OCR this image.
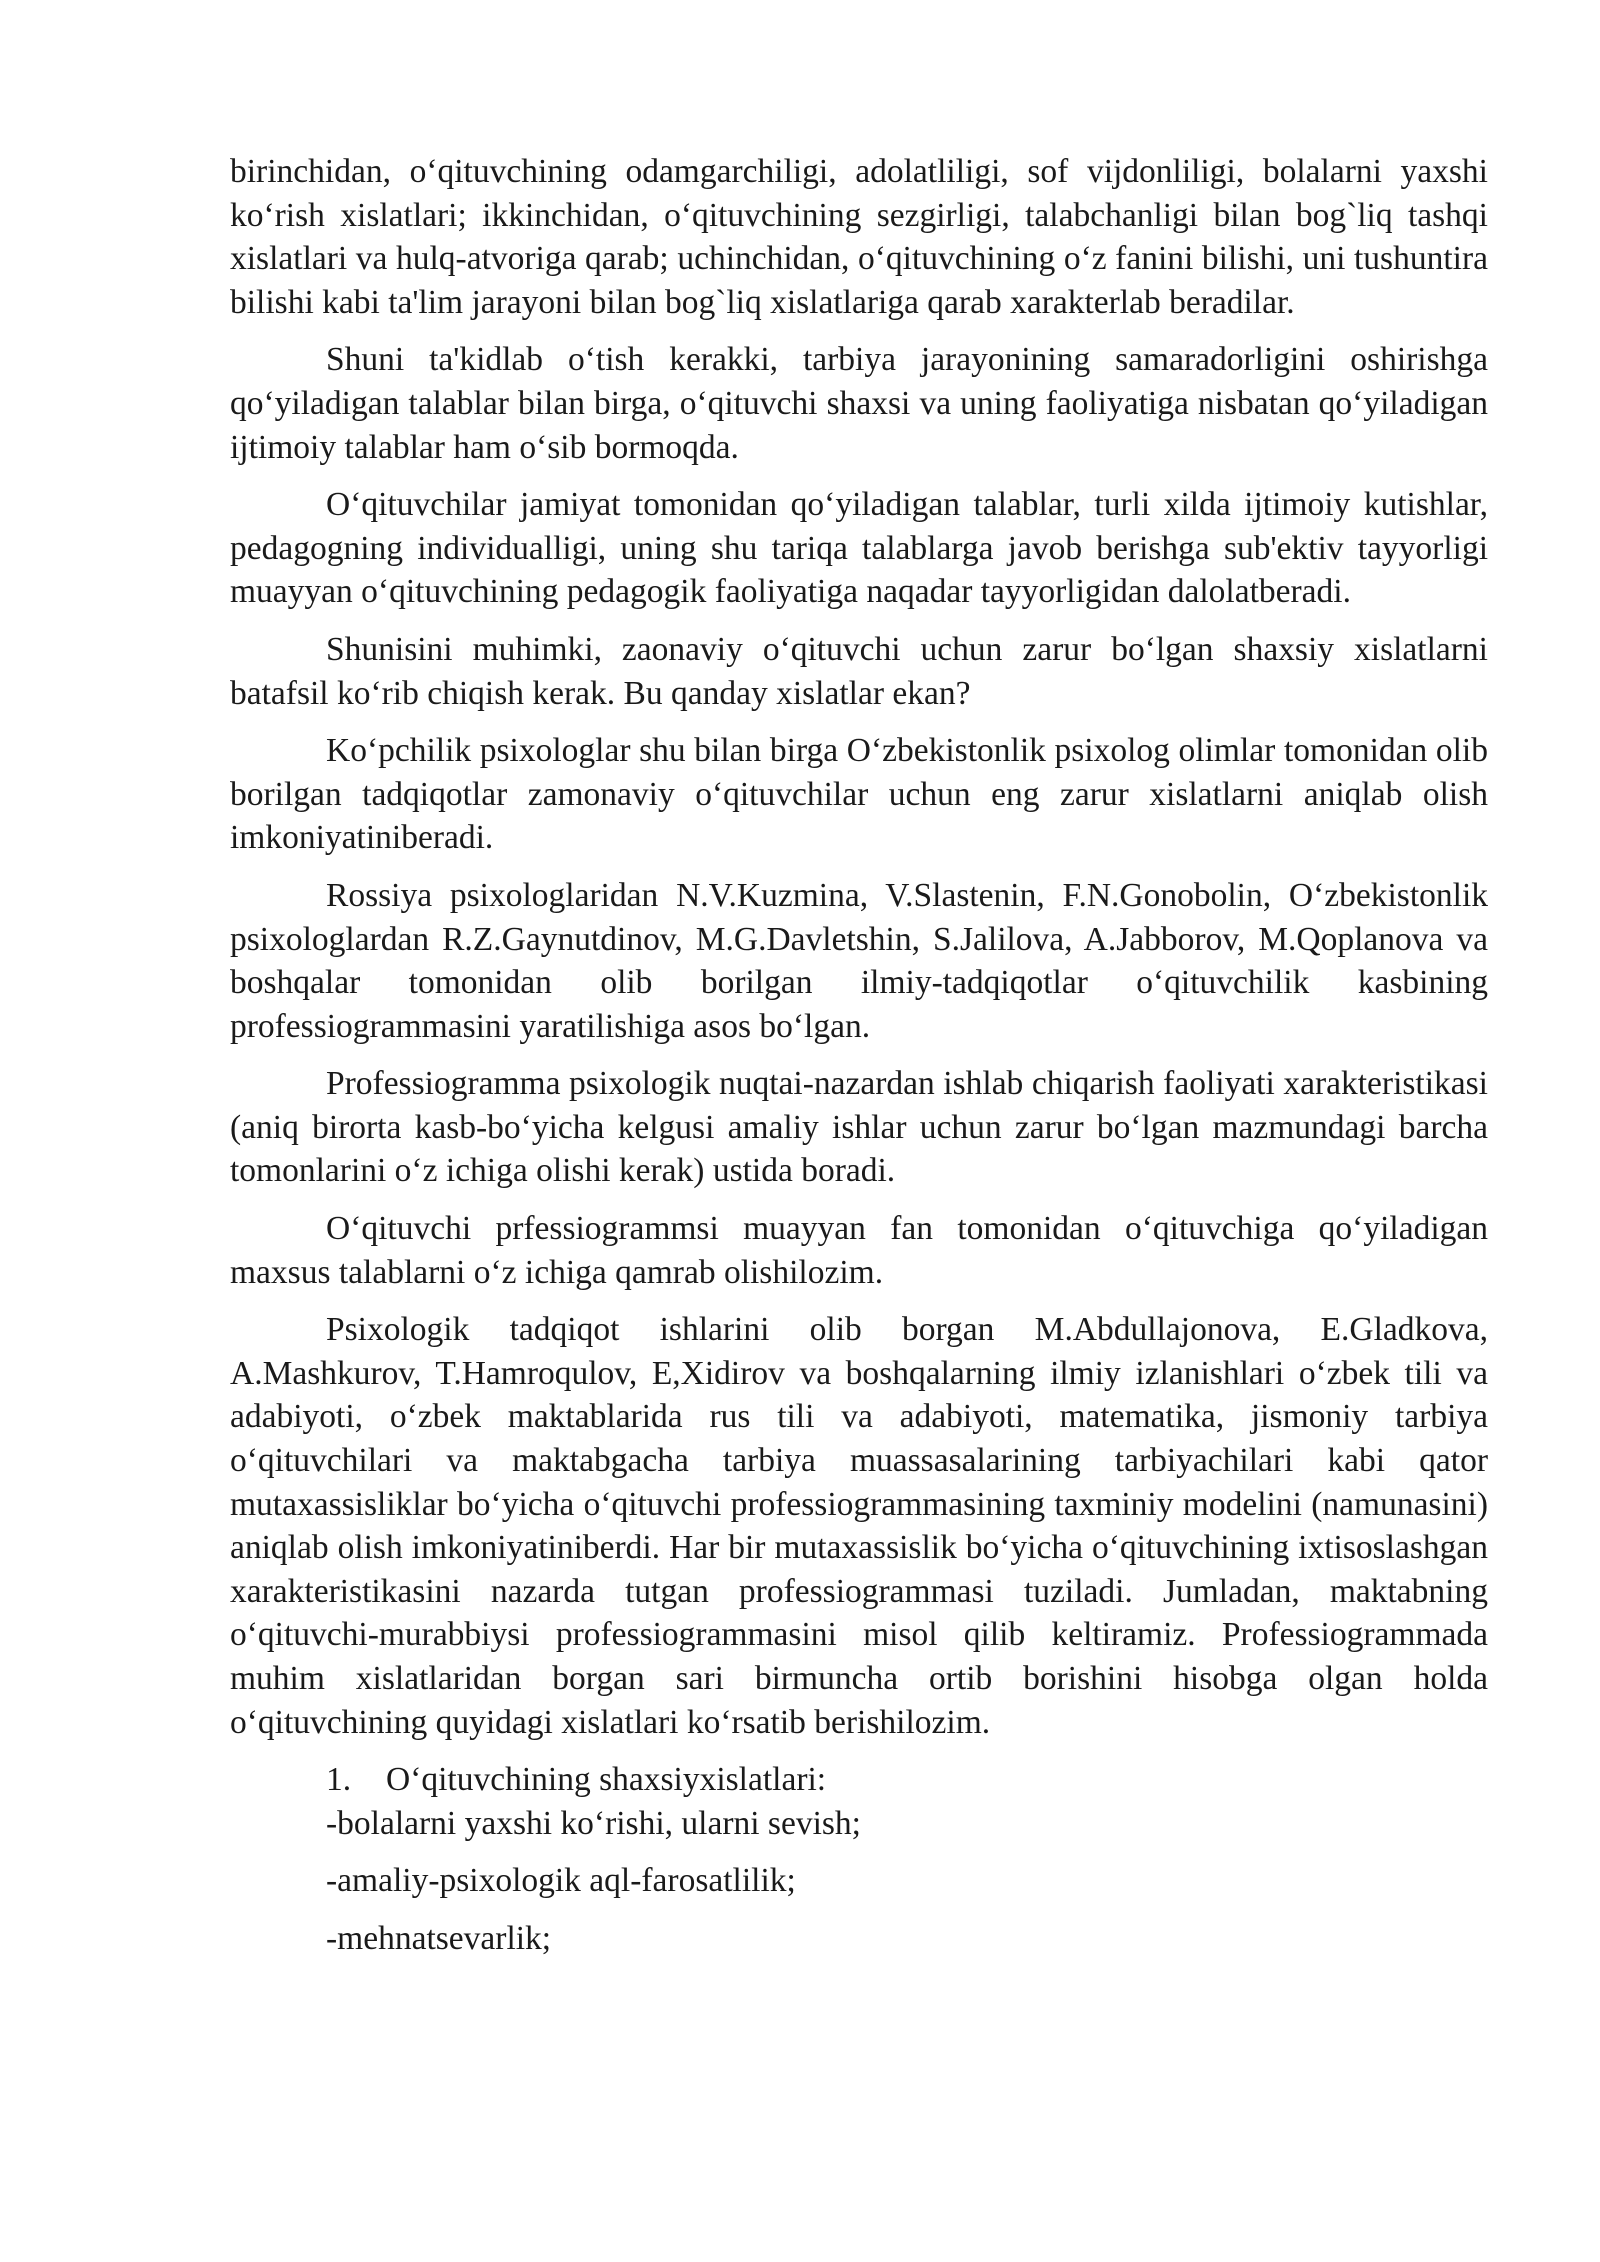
birinchidan, o‘qituvchining odamgarchiligi, adolatliligi, sof vijdonliligi, bolalarni yaxshi ko‘rish xislatlari; ikkinchidan, o‘qituvchining sezgirligi, talabchanligi bilan bog`liq tashqi xislatlari va hulq-atvoriga qarab; uchinchidan, o‘qituvchining o‘z fanini bilishi, uni tushuntira bilishi kabi ta'lim jarayoni bilan bog`liq xislatlariga qarab xarakterlab beradilar.

Shuni ta'kidlab o‘tish kerakki, tarbiya jarayonining samaradorligini oshirishga qo‘yiladigan talablar bilan birga, o‘qituvchi shaxsi va uning faoliyatiga nisbatan qo‘yiladigan ijtimoiy talablar ham o‘sib bormoqda.

O‘qituvchilar jamiyat tomonidan qo‘yiladigan talablar, turli xilda ijtimoiy kutishlar, pedagogning individualligi, uning shu tariqa talablarga javob berishga sub'ektiv tayyorligi muayyan o‘qituvchining pedagogik faoliyatiga naqadar tayyorligidan dalolatberadi.

Shunisini muhimki, zaonaviy o‘qituvchi uchun zarur bo‘lgan shaxsiy xislatlarni batafsil ko‘rib chiqish kerak. Bu qanday xislatlar ekan?

Ko‘pchilik psixologlar shu bilan birga O‘zbekistonlik psixolog olimlar tomonidan olib borilgan tadqiqotlar zamonaviy o‘qituvchilar uchun eng zarur xislatlarni aniqlab olish imkoniyatiniberadi.

Rossiya psixologlaridan N.V.Kuzmina, V.Slastenin, F.N.Gonobolin, O‘zbekistonlik psixologlardan R.Z.Gaynutdinov, M.G.Davletshin, S.Jalilova, A.Jabborov, M.Qoplanova va boshqalar tomonidan olib borilgan ilmiy-tadqiqotlar o‘qituvchilik kasbining professiogrammasini yaratilishiga asos bo‘lgan.

Professiogramma psixologik nuqtai-nazardan ishlab chiqarish faoliyati xarakteristikasi (aniq birorta kasb-bo‘yicha kelgusi amaliy ishlar uchun zarur bo‘lgan mazmundagi barcha tomonlarini o‘z ichiga olishi kerak) ustida boradi.

O‘qituvchi prfessiogrammsi muayyan fan tomonidan o‘qituvchiga qo‘yiladigan maxsus talablarni o‘z ichiga qamrab olishilozim.

Psixologik tadqiqot ishlarini olib borgan M.Abdullajonova, E.Gladkova, A.Mashkurov, T.Hamroqulov, E,Xidirov va boshqalarning ilmiy izlanishlari o‘zbek tili va adabiyoti, o‘zbek maktablarida rus tili va adabiyoti, matematika, jismoniy tarbiya o‘qituvchilari va maktabgacha tarbiya muassasalarining tarbiyachilari kabi qator mutaxassisliklar bo‘yicha o‘qituvchi professiogrammasining taxminiy modelini (namunasini) aniqlab olish imkoniyatiniberdi. Har bir mutaxassislik bo‘yicha o‘qituvchining ixtisoslashgan xarakteristikasini nazarda tutgan professiogrammasi tuziladi. Jumladan, maktabning o‘qituvchi-murabbiysi professiogrammasini misol qilib keltiramiz. Professiogrammada muhim xislatlaridan borgan sari birmuncha ortib borishini hisobga olgan holda o‘qituvchining quyidagi xislatlari ko‘rsatib berishilozim.

1.	O‘qituvchining shaxsiyxislatlari:

-bolalarni yaxshi ko‘rishi, ularni sevish;

-amaliy-psixologik aql-farosatlilik;

-mehnatsevarlik;
